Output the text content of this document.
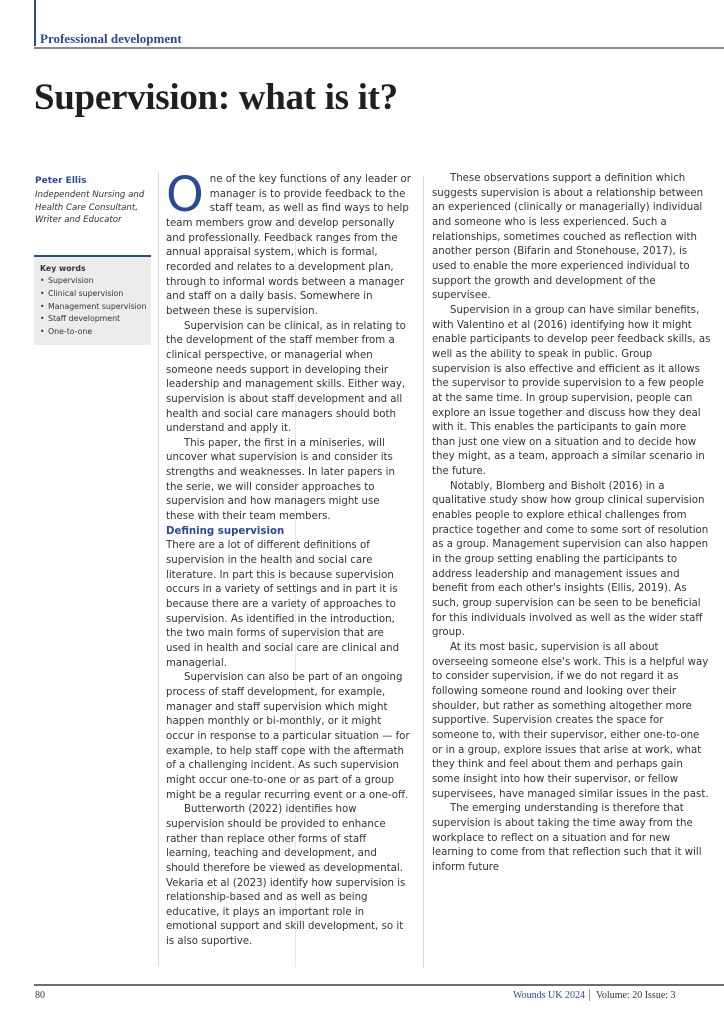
Professional development
Supervision: what is it?
Peter Ellis
Independent Nursing and Health Care Consultant, Writer and Educator
Key words
• Supervision
• Clinical supervision
• Management supervision
• Staff development
• One-to-one

One of the key functions of any leader or manager is to provide feedback to the staff team, as well as find ways to help team members grow and develop personally and professionally. Feedback ranges from the annual appraisal system, which is formal, recorded and relates to a development plan, through to informal words between a manager and staff on a daily basis. Somewhere in between these is supervision.

Supervision can be clinical, as in relating to the development of the staff member from a clinical perspective, or managerial when someone needs support in developing their leadership and management skills. Either way, supervision is about staff development and all health and social care managers should both understand and apply it.

This paper, the first in a miniseries, will uncover what supervision is and consider its strengths and weaknesses. In later papers in the serie, we will consider approaches to supervision and how managers might use these with their team members.

Defining supervision

There are a lot of different definitions of supervision in the health and social care literature. In part this is because supervision occurs in a variety of settings and in part it is because there are a variety of approaches to supervision. As identified in the introduction, the two main forms of supervision that are used in health and social care are clinical and managerial.

Supervision can also be part of an ongoing process of staff development, for example, manager and staff supervision which might happen monthly or bi-monthly, or it might occur in response to a particular situation — for example, to help staff cope with the aftermath of a challenging incident. As such supervision might occur one-to-one or as part of a group might be a regular recurring event or a one-off.

Butterworth (2022) identifies how supervision should be provided to enhance rather than replace other forms of staff learning, teaching and development, and should therefore be viewed as developmental. Vekaria et al (2023) identify how supervision is relationship-based and as well as being educative, it plays an important role in emotional support and skill development, so it is also suportive.

These observations support a definition which suggests supervision is about a relationship between an experienced (clinically or managerially) individual and someone who is less experienced. Such a relationships, sometimes couched as reflection with another person (Bifarin and Stonehouse, 2017), is used to enable the more experienced individual to support the growth and development of the supervisee.

Supervision in a group can have similar benefits, with Valentino et al (2016) identifying how it might enable participants to develop peer feedback skills, as well as the ability to speak in public. Group supervision is also effective and efficient as it allows the supervisor to provide supervision to a few people at the same time. In group supervision, people can explore an issue together and discuss how they deal with it. This enables the participants to gain more than just one view on a situation and to decide how they might, as a team, approach a similar scenario in the future.

Notably, Blomberg and Bisholt (2016) in a qualitative study show how group clinical supervision enables people to explore ethical challenges from practice together and come to some sort of resolution as a group. Management supervision can also happen in the group setting enabling the participants to address leadership and management issues and benefit from each other's insights (Ellis, 2019). As such, group supervision can be seen to be beneficial for this individuals involved as well as the wider staff group.

At its most basic, supervision is all about overseeing someone else's work. This is a helpful way to consider supervision, if we do not regard it as following someone round and looking over their shoulder, but rather as something altogether more supportive. Supervision creates the space for someone to, with their supervisor, either one-to-one or in a group, explore issues that arise at work, what they think and feel about them and perhaps gain some insight into how their supervisor, or fellow supervisees, have managed similar issues in the past.

The emerging understanding is therefore that supervision is about taking the time away from the workplace to reflect on a situation and for new learning to come from that reflection such that it will inform future

80	Wounds UK 2024 Volume: 20 Issue: 3
